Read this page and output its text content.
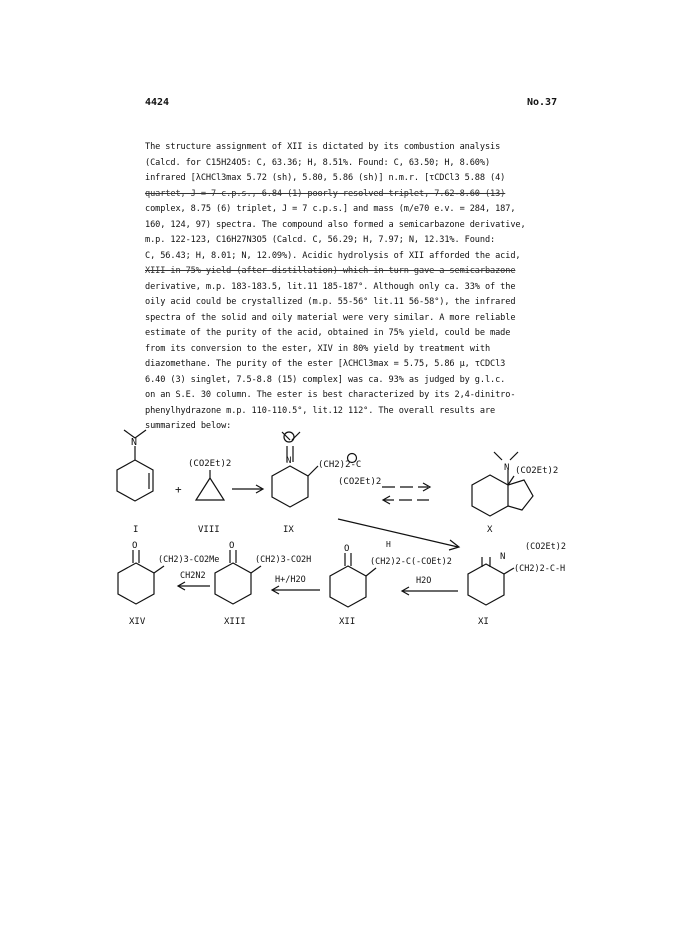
4424	No.37
The structure assignment of XII is dictated by its combustion analysis
(Calcd. for C15H24O5: C, 63.36; H, 8.51%. Found: C, 63.50; H, 8.60%)
infrared [λCHCl3max 5.72 (sh), 5.80, 5.86 (sh)] n.m.r. [τCDCl3 5.88 (4)
quartet, J = 7 c.p.s., 6.84 (1) poorly resolved triplet, 7.62-8.60 (13)
complex, 8.75 (6) triplet, J = 7 c.p.s.] and mass (m/e70 e.v. = 284, 187,
160, 124, 97) spectra. The compound also formed a semicarbazone derivative,
m.p. 122-123, C16H27N3O5 (Calcd. C, 56.29; H, 7.97; N, 12.31%. Found:
C, 56.43; H, 8.01; N, 12.09%). Acidic hydrolysis of XII afforded the acid,
XIII in 75% yield (after distillation) which in turn gave a semicarbazone
derivative, m.p. 183-183.5, lit.11 185-187°. Although only ca. 33% of the
oily acid could be crystallized (m.p. 55-56° lit.11 56-58°), the infrared
spectra of the solid and oily material were very similar. A more reliable
estimate of the purity of the acid, obtained in 75% yield, could be made
from its conversion to the ester, XIV in 80% yield by treatment with
diazomethane. The purity of the ester [λCHCl3max = 5.75, 5.86 μ, τCDCl3
6.40 (3) singlet, 7.5-8.8 (15) complex] was ca. 93% as judged by g.l.c.
on an S.E. 30 column. The ester is best characterized by its 2,4-dinitro-
phenylhydrazone m.p. 110-110.5°, lit.12 112°. The overall results are
summarized below:
N
+
N
N
N
O
O
O	H
(CO2Et)2	(CH2)2-C
(CO2Et)2
(CO2Et)2
(CO2Et)2
(CH2)2-C-H
(CH2)2-C(-COEt)2
(CH2)3-CO2H
(CH2)3-CO2Me
H2O
H+/H2O
CH2N2
I	VIII	IX	X
XIV	XIII	XII	XI
